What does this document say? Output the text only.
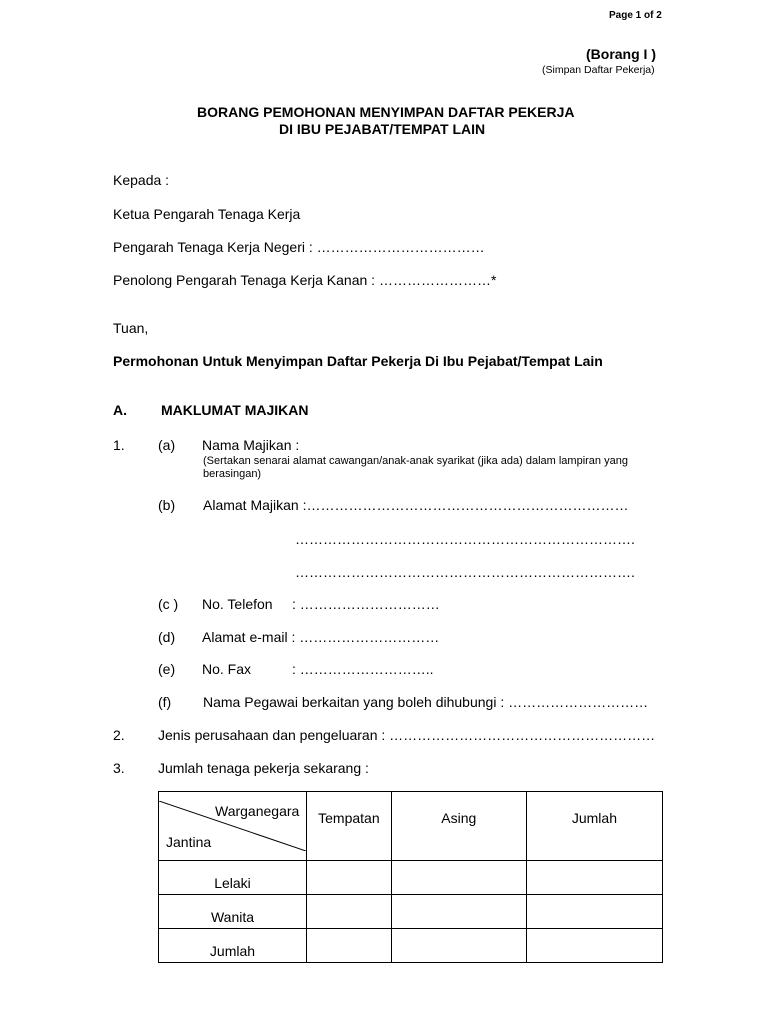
Page 1 of 2
(Borang I )
(Simpan Daftar Pekerja)
BORANG PEMOHONAN MENYIMPAN DAFTAR PEKERJA
DI IBU PEJABAT/TEMPAT LAIN
Kepada :
Ketua Pengarah Tenaga Kerja
Pengarah Tenaga Kerja Negeri : ………………………………
Penolong Pengarah Tenaga Kerja Kanan : ……………………*
Tuan,
Permohonan Untuk Menyimpan Daftar Pekerja Di Ibu Pejabat/Tempat Lain
A. MAKLUMAT MAJIKAN
1. (a) Nama Majikan :
(Sertakan senarai alamat cawangan/anak-anak syarikat (jika ada) dalam lampiran yang berasingan)
(b) Alamat Majikan :……………………………………………………………
……………………………………………………………….
……………………………………………………………….
(c ) No. Telefon : …………………………
(d) Alamat e-mail : …………………………
(e) No. Fax	: ………………………..
(f) Nama Pegawai berkaitan yang boleh dihubungi : …………………………
2. Jenis perusahaan dan pengeluaran : …………………………………………………
3. Jumlah tenaga pekerja sekarang :
Warganegara
Jantina	Tempatan	Asing	Jumlah
Lelaki			
Wanita			
Jumlah			
